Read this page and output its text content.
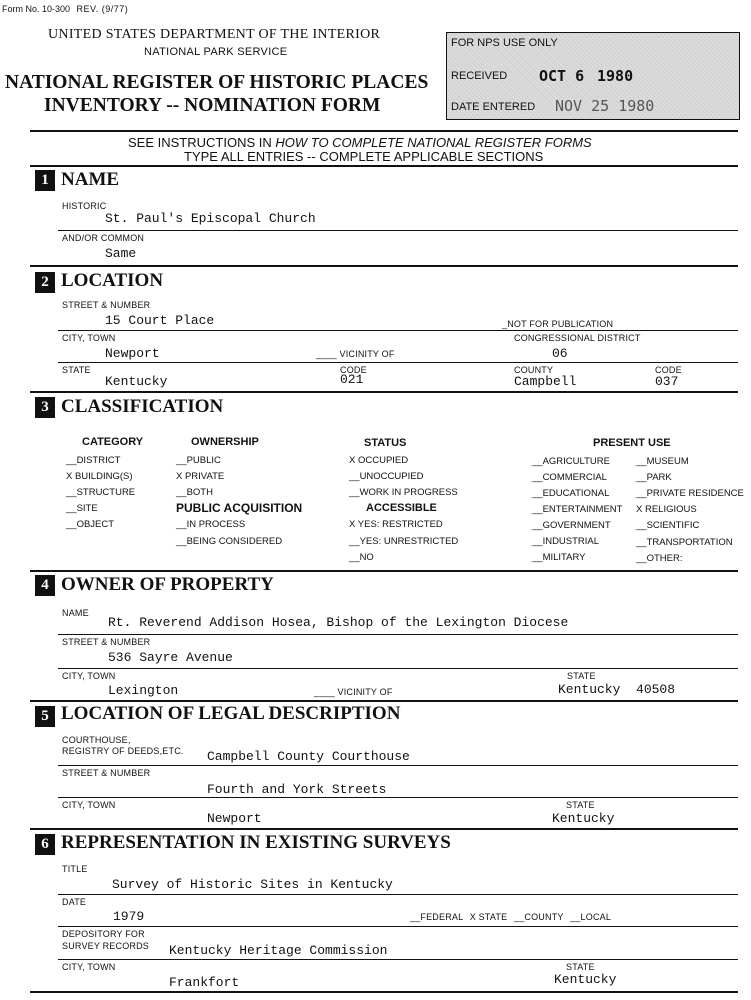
Form No. 10-300 REV. (9/77)
UNITED STATES DEPARTMENT OF THE INTERIOR
NATIONAL PARK SERVICE
NATIONAL REGISTER OF HISTORIC PLACES
INVENTORY -- NOMINATION FORM
FOR NPS USE ONLY
RECEIVED OCT 6 1980
DATE ENTERED NOV 25 1980
SEE INSTRUCTIONS IN HOW TO COMPLETE NATIONAL REGISTER FORMS
TYPE ALL ENTRIES -- COMPLETE APPLICABLE SECTIONS
1 NAME
HISTORIC
St. Paul's Episcopal Church
AND/OR COMMON
Same
2 LOCATION
STREET & NUMBER
15 Court Place	_NOT FOR PUBLICATION
CITY, TOWN	CONGRESSIONAL DISTRICT
Newport	____ VICINITY OF	06
STATE	CODE	COUNTY	CODE
Kentucky	021	Campbell	037
3 CLASSIFICATION
CATEGORY
__DISTRICT
X BUILDING(S)
__STRUCTURE
__SITE
__OBJECT
OWNERSHIP
__PUBLIC
X PRIVATE
__BOTH
PUBLIC ACQUISITION
__IN PROCESS
__BEING CONSIDERED
STATUS
X OCCUPIED
__UNOCCUPIED
__WORK IN PROGRESS
ACCESSIBLE
X YES: RESTRICTED
__YES: UNRESTRICTED
__NO
PRESENT USE
__AGRICULTURE
__COMMERCIAL
__EDUCATIONAL
__ENTERTAINMENT
__GOVERNMENT
__INDUSTRIAL
__MILITARY
__MUSEUM
__PARK
__PRIVATE RESIDENCE
X RELIGIOUS
__SCIENTIFIC
__TRANSPORTATION
__OTHER:
4 OWNER OF PROPERTY
NAME
Rt. Reverend Addison Hosea, Bishop of the Lexington Diocese
STREET & NUMBER
536 Sayre Avenue
CITY, TOWN	STATE
Lexington	____ VICINITY OF	Kentucky  40508
5 LOCATION OF LEGAL DESCRIPTION
COURTHOUSE,
REGISTRY OF DEEDS,ETC. Campbell County Courthouse
STREET & NUMBER
Fourth and York Streets
CITY, TOWN	STATE
Newport	Kentucky
6 REPRESENTATION IN EXISTING SURVEYS
TITLE
Survey of Historic Sites in Kentucky
DATE
1979	__FEDERAL X STATE __COUNTY __LOCAL
DEPOSITORY FOR
SURVEY RECORDS Kentucky Heritage Commission
CITY, TOWN	STATE
Frankfort	Kentucky
